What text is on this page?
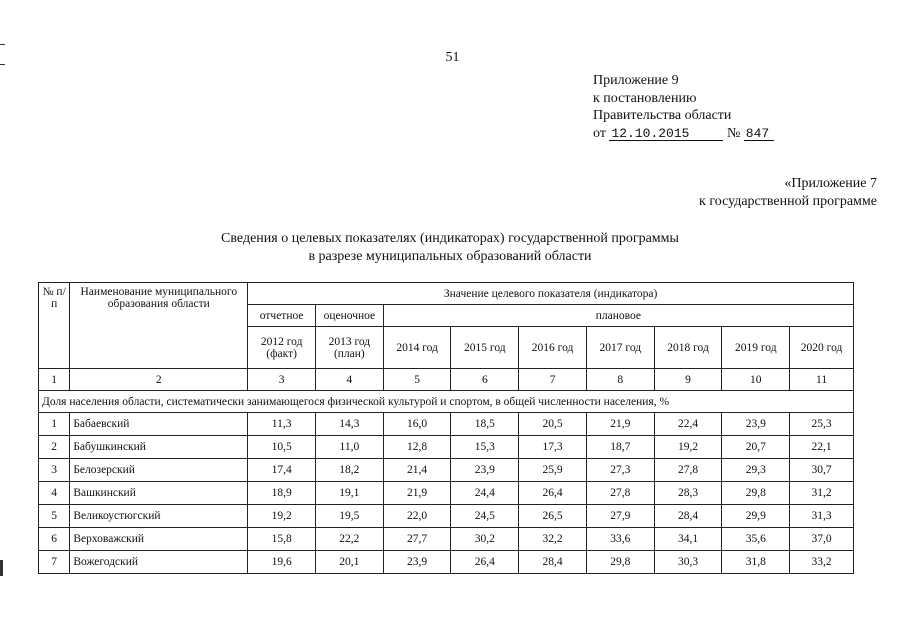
51
Приложение 9
к постановлению
Правительства области
от 12.10.2015	№ 847
«Приложение 7
к государственной программе
Сведения о целевых показателях (индикаторах) государственной программы
в разрезе муниципальных образований области
№ п/п	Наименование муниципального образования области	Значение целевого показателя (индикатора)								
		отчетное	оценочное	плановое						
		2012 год (факт)	2013 год (план)	2014 год	2015 год	2016 год	2017 год	2018 год	2019 год	2020 год
1	2	3	4	5	6	7	8	9	10	11
Доля населения области, систематически занимающегося физической культурой и спортом, в общей численности населения, %										
1	Бабаевский	11,3	14,3	16,0	18,5	20,5	21,9	22,4	23,9	25,3
2	Бабушкинский	10,5	11,0	12,8	15,3	17,3	18,7	19,2	20,7	22,1
3	Белозерский	17,4	18,2	21,4	23,9	25,9	27,3	27,8	29,3	30,7
4	Вашкинский	18,9	19,1	21,9	24,4	26,4	27,8	28,3	29,8	31,2
5	Великоустюгский	19,2	19,5	22,0	24,5	26,5	27,9	28,4	29,9	31,3
6	Верховажский	15,8	22,2	27,7	30,2	32,2	33,6	34,1	35,6	37,0
7	Вожегодский	19,6	20,1	23,9	26,4	28,4	29,8	30,3	31,8	33,2
